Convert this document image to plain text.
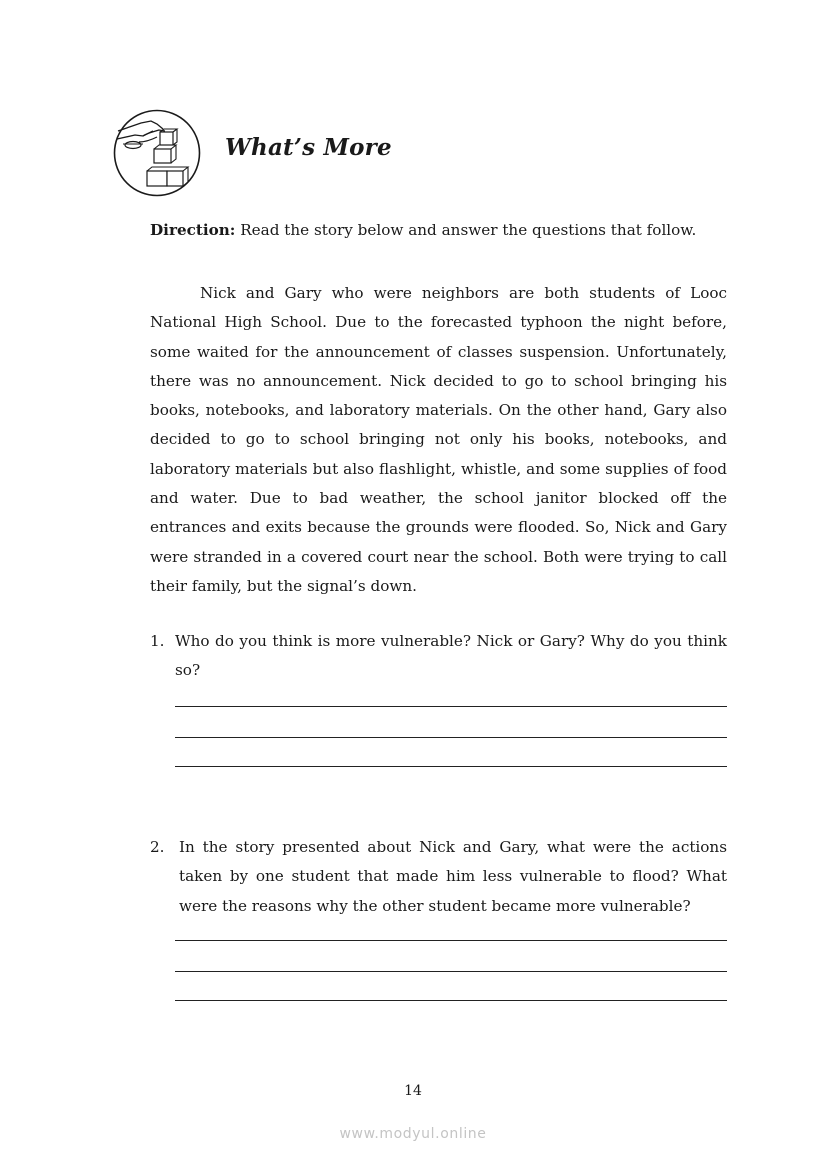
What’s More
Direction: Read the story below and answer the questions that follow.

Nick and Gary who were neighbors are both students of Looc National High School. Due to the forecasted typhoon the night before, some waited for the announcement of classes suspension. Unfortunately, there was no announcement. Nick decided to go to school bringing his books, notebooks, and laboratory materials. On the other hand, Gary also decided to go to school bringing not only his books, notebooks, and laboratory materials but also flashlight, whistle, and some supplies of food and water. Due to bad weather, the school janitor blocked off the entrances and exits because the grounds were flooded. So, Nick and Gary were stranded in a covered court near the school. Both were trying to call their family, but the signal’s down.

1. Who do you think is more vulnerable? Nick or Gary? Why do you think so?

2. In the story presented about Nick and Gary, what were the actions taken by one student that made him less vulnerable to flood? What were the reasons why the other student became more vulnerable?

14
www.modyul.online
